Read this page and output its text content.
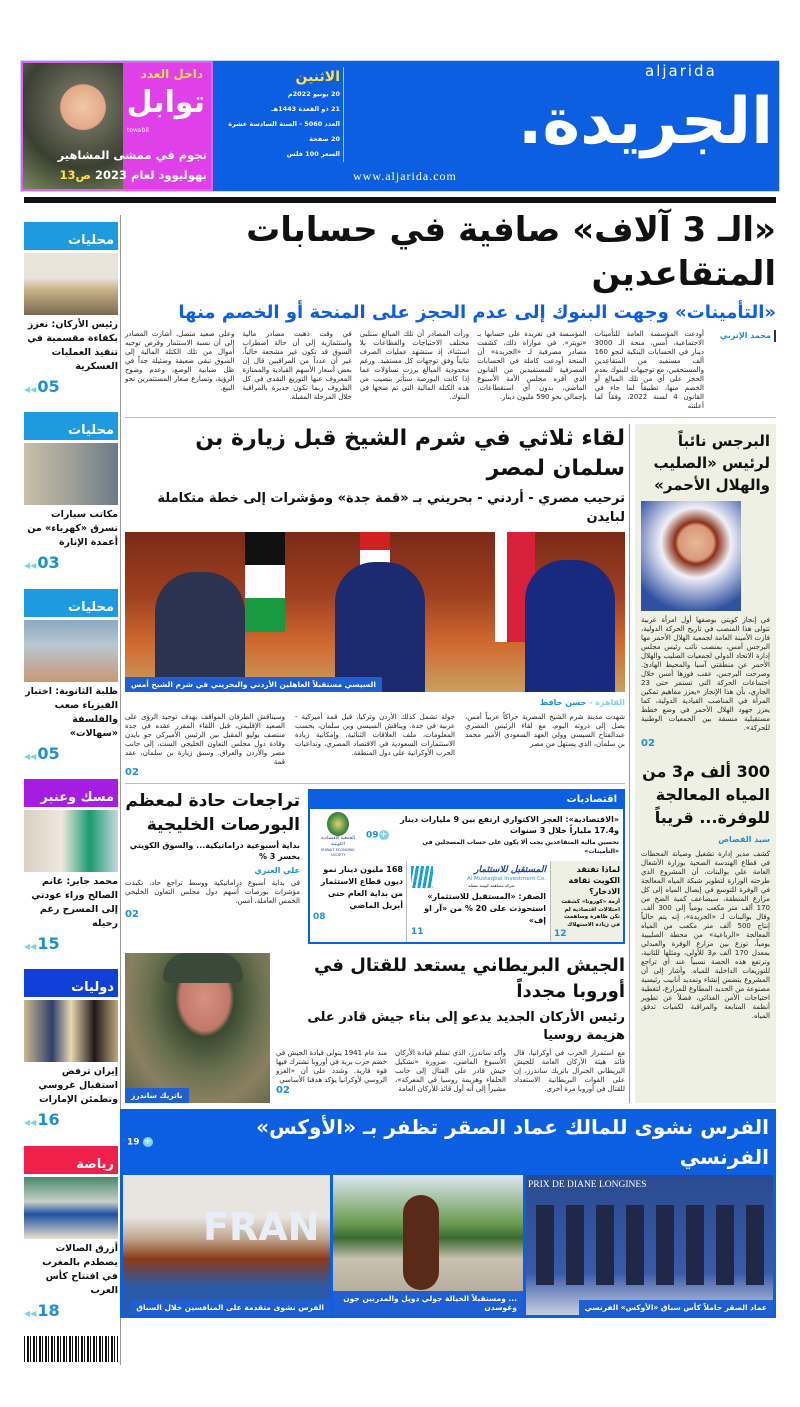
داخل العدد
توابل
towabil
نجوم في ممشى المشاهير
بهوليوود لعام 2023 ص13
الاثنين
20 يونيو 2022م
21 ذو القعدة 1443هـ
العدد 5060 - السنة السادسة عشرة
20 صفحة
السعر 100 فلس
aljarida
الجريدة.
www.aljarida.com
محليات
رئيس الأركان: نعزز بكفاءة مقسمية في تنفيذ العمليات العسكرية
◀◀ 05
محليات
مكاتب سيارات تسرق «كهرباء» من أعمدة الإنارة
◀◀ 03
محليات
طلبة الثانوية: اختبار الفيزياء صعب والفلسفة «سهالات»
◀◀ 05
مسك وعنبر
محمد جابر: غانم الصالح وراء عودتي إلى المسرح رغم رحيله
◀◀ 15
دوليات
إيران ترفض استقبال غروسي وتطمئن الإمارات
◀◀ 16
رياضة
أزرق الصالات يصطدم بالمغرب في افتتاح كأس العرب
◀◀ 18
«الـ 3 آلاف» صافية في حسابات المتقاعدين
«التأمينات» وجهت البنوك إلى عدم الحجز على المنحة أو الخصم منها
محمد الإتربي

أودعت المؤسسة العامة للتأمينات الاجتماعية، أمس، منحة الـ 3000 دينار في الحسابات البنكية لنحو 160 ألف مستفيد من المتقاعدين والمستحقين، مع توجيهات للبنوك بعدم الحجز على أي من تلك المبالغ أو الخصم منها، تطبيقاً لما جاء في القانون 4 لسنة 2022، وفقاً لما أعلنته

المؤسسة في تغريدة على حسابها بـ «تويتر». في موازاة ذلك، كشفت مصادر مصرفية لـ «الجريدة» أن المنحة أودعت كاملة في الحسابات المصرفية للمستفيدين من القانون الذي أقره مجلس الأمة الأسبوع الماضي، بدون أي استقطاعات، بإجمالي نحو 590 مليون دينار.

ورأت المصادر أن تلك المبالغ ستلبي مختلف الاحتياجات والقطاعات بلا استثناء، إذ ستشهد عمليات الصرف تبايناً وفق توجهات كل مستفيد. ورغم محدودية المبالغ برزت تساؤلات عما إذا كانت البورصة ستأثر بنصيب من هذه الكتلة المالية التي تم ضخها في البنوك.

في وقت ذهبت مصادر مالية واستثمارية إلى أن حالة اضطراب السوق قد تكون غير مشجعة حالياً، غير أن عدداً من المراقبين قال إن بعض أسعار الأسهم القيادية والممتازة المعروف عنها التوزيع النقدي في كل الظروف ربما تكون جديرة بالمراقبة خلال المرحلة المقبلة.

وعلى صعيد متصل، أشارت المصادر إلى أن نسبة الاستثمار وفرص توجيه أموال من تلك الكتلة المالية إلى السوق تبقى ضعيفة وضئيلة جداً في ظل ضبابية الوضع، وعدم وضوح الرؤية، وتسارع صغار المستثمرين نحو البيع.

لقاء ثلاثي في شرم الشيخ قبل زيارة بن سلمان لمصر
ترحيب مصري - أردني - بحريني بـ «قمة جدة» ومؤشرات إلى خطة متكاملة لبايدن
السيسي مستقبلاً العاهلين الأردني والبحريني في شرم الشيخ أمس
القاهرة - حسن حافظ

شهدت مدينة شرم الشيخ المصرية حراكاً عربياً أمس، يصل إلى ذروته اليوم، مع لقاء الرئيس المصري عبدالفتاح السيسي وولي العهد السعودي الأمير محمد بن سلمان، الذي يستهل من مصر

جولة تشمل كذلك الأردن وتركيا، قبل قمة أميركية - عربية في جدة. ويناقش السيسي وبن سلمان، بحسب المعلومات، ملف العلاقات الثنائية، وإمكانية زيادة الاستثمارات السعودية في الاقتصاد المصري، وتداعيات الحرب الأوكرانية على دول المنطقة.

وسيناقش الطرفان المواقف بهدف توحيد الرؤى على الصعيد الإقليمي، قبل اللقاء المقرر عقده في جدة منتصف يوليو المقبل بين الرئيس الأميركي جو بايدن وقادة دول مجلس التعاون الخليجي الست، إلى جانب مصر والأردن والعراق. وسبق زيارة بن سلمان، عقد قمة

02
اقتصاديات
«الاقتصادية»: العجز الاكتواري ارتفع بين 9 مليارات دينار و17.4 ملياراً خلال 3 سنوات
تحسين مالية المتقاعدين يجب ألا يكون على حساب المسجلين في «التأمينات»
09+
الجمعية الاقتصادية الكويتية
KUWAIT ECONOMIC SOCIETY
لماذا تفتقد الكويت ثقافة الادخار؟
أزمة «كورونا» كشفت اختلالات اقتصادية لم تكن ظاهرة وساهمت في زيادة الاستهلاك
12
المستقبل للاستثمار
Al Mustaqbal Investment Co.
شركة مساهمة كويتية مقفلة
الصقر: «المستقبل للاستثمار» استحوذت على 20 % من «آر او إف»
11
168 مليون دينار نمو ديون قطاع الاستثمار من بداية العام حتى أبريل الماضي
08
تراجعات حادة لمعظم البورصات الخليجية
بداية أسبوعية دراماتيكية... والسوق الكويتي يخسر 3 %
علي العنزي

في بداية أسبوع دراماتيكية ووسط تراجع حاد، تكبدت مؤشرات بورصات أسهم دول مجلس التعاون الخليجي الخمس العاملة، أمس،

02
الجيش البريطاني يستعد للقتال في أوروبا مجدداً
رئيس الأركان الجديد يدعو إلى بناء جيش قادر على هزيمة روسيا

مع استمرار الحرب في أوكرانيا، قال قائد هيئة الأركان العامة للجيش البريطاني الجنرال باتريك ساندرز، إن على القوات البريطانية الاستعداد للقتال في أوروبا مرة أخرى.

وأكد ساندرز، الذي تسلم قيادة الأركان الأسبوع الماضي، ضرورة «تشكيل جيش قادر على القتال إلى جانب الحلفاء وهزيمة روسيا في المعركة»، مشيراً إلى أنه أول قائد للأركان العامة

منذ عام 1941 يتولى قيادة الجيش في خضم حرب برية في أوروبا تشترك فيها قوة قارية. وشدد على أن «الغزو الروسي لأوكرانيا يؤكد هدفنا الأساسي

02
باتريك ساندرز
البرجس نائباً لرئيس «الصليب والهلال الأحمر»

في إنجاز كويتي بوصفها أول امرأة عربية تتولى هذا المنصب في تاريخ الحركة الدولية، فازت الأمينة العامة لجمعية الهلال الأحمر مها البرجس أمس، بمنصب نائب رئيس مجلس إدارة الاتحاد الدولي لجمعيات الصليب والهلال الأحمر عن منطقتي آسيا والمحيط الهادئ. وصرحت البرجس، عقب فوزها أمس خلال اجتماعات الحركة التي تستمر حتى 23 الجاري، بأن هذا الإنجاز «يعزز مفاهيم تمكين المرأة في المناصب القيادية الدولية، كما يعزز جهود الهلال الأحمر في وضع خطط مستقبلية منسقة بين الجمعيات الوطنية للحركة».

02
300 ألف م3 من المياه المعالجة للوفرة... قريباً
سيد القصاص

كشف مدير إدارة تشغيل وصيانة المحطات في قطاع الهندسة الصحية بوزارة الأشغال العامة علي بوالبنات، أن المشروع الذي طرحته الوزارة لتطوير شبكة المياه المعالجة في الوفرة للتوسع في إيصال المياه إلى كل مزارع المنطقة، سيضاعف كمية الضخ من 170 ألف متر مكعب يومياً إلى 300 ألف. وقال بوالبنات لـ «الجريدة»، إنه يتم حالياً إنتاج 500 ألف متر مكعب من المياه المعالجة «الرباعية» من محطة الصليبية يومياً، توزع بين مزارع الوفرة والعبدلي بمعدل 170 ألف م3 للأولى، ومثلها للثانية، وترتفع هذه الحصة نسبياً عند أي تراجع للتوزيعات الداخلية للمياه. وأشار إلى أن المشروع يتضمن إنشاء وتمديد أنابيب رئيسية مصنوعة من الحديد المطاوع للمزارع، لتغطية احتياجات الأمن الغذائي، فضلاً عن تطوير أنظمة المتابعة والمراقبة لكميات تدفق المياه.

الفرس نشوى للمالك عماد الصقر تظفر بـ «الأوكس» الفرنسي
19 +
FRAN
الفرس نشوى متقدمة على المنافسين خلال السباق
... ومستقبلاً الخيالة جولي دويل والمدربين جون وغوسدن
PRIX DE DIANE LONGINES
عماد الصقر حاملاً كأس سباق «الأوكس» الفرنسي
